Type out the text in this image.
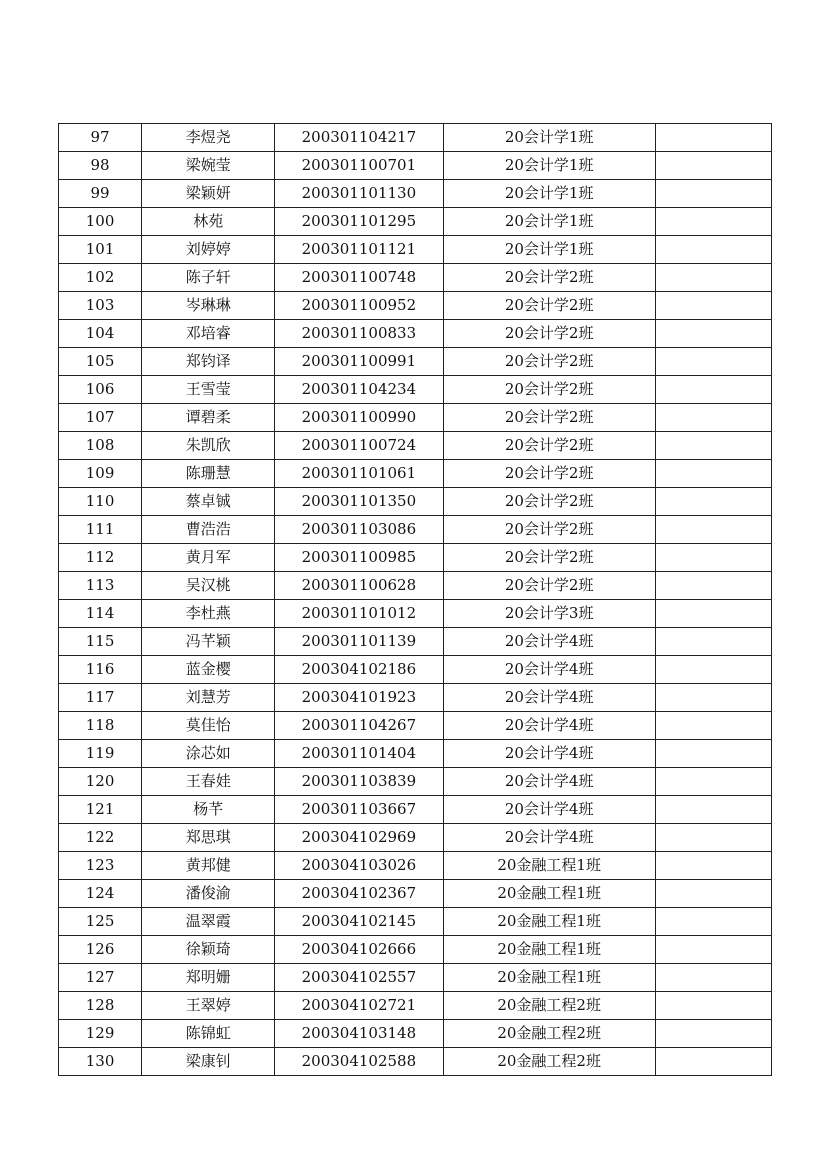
97	李煜尧	200301104217	20会计学1班	
98	梁婉莹	200301100701	20会计学1班	
99	梁颖妍	200301101130	20会计学1班	
100	林苑	200301101295	20会计学1班	
101	刘婷婷	200301101121	20会计学1班	
102	陈子轩	200301100748	20会计学2班	
103	岑琳琳	200301100952	20会计学2班	
104	邓培睿	200301100833	20会计学2班	
105	郑钧译	200301100991	20会计学2班	
106	王雪莹	200301104234	20会计学2班	
107	谭碧柔	200301100990	20会计学2班	
108	朱凯欣	200301100724	20会计学2班	
109	陈珊慧	200301101061	20会计学2班	
110	蔡卓铖	200301101350	20会计学2班	
111	曹浩浩	200301103086	20会计学2班	
112	黄月军	200301100985	20会计学2班	
113	吴汉桃	200301100628	20会计学2班	
114	李杜燕	200301101012	20会计学3班	
115	冯芊颖	200301101139	20会计学4班	
116	蓝金樱	200304102186	20会计学4班	
117	刘慧芳	200304101923	20会计学4班	
118	莫佳怡	200301104267	20会计学4班	
119	涂芯如	200301101404	20会计学4班	
120	王春娃	200301103839	20会计学4班	
121	杨芊	200301103667	20会计学4班	
122	郑思琪	200304102969	20会计学4班	
123	黄邦健	200304103026	20金融工程1班	
124	潘俊渝	200304102367	20金融工程1班	
125	温翠霞	200304102145	20金融工程1班	
126	徐颖琦	200304102666	20金融工程1班	
127	郑明姗	200304102557	20金融工程1班	
128	王翠婷	200304102721	20金融工程2班	
129	陈锦虹	200304103148	20金融工程2班	
130	梁康钊	200304102588	20金融工程2班	
